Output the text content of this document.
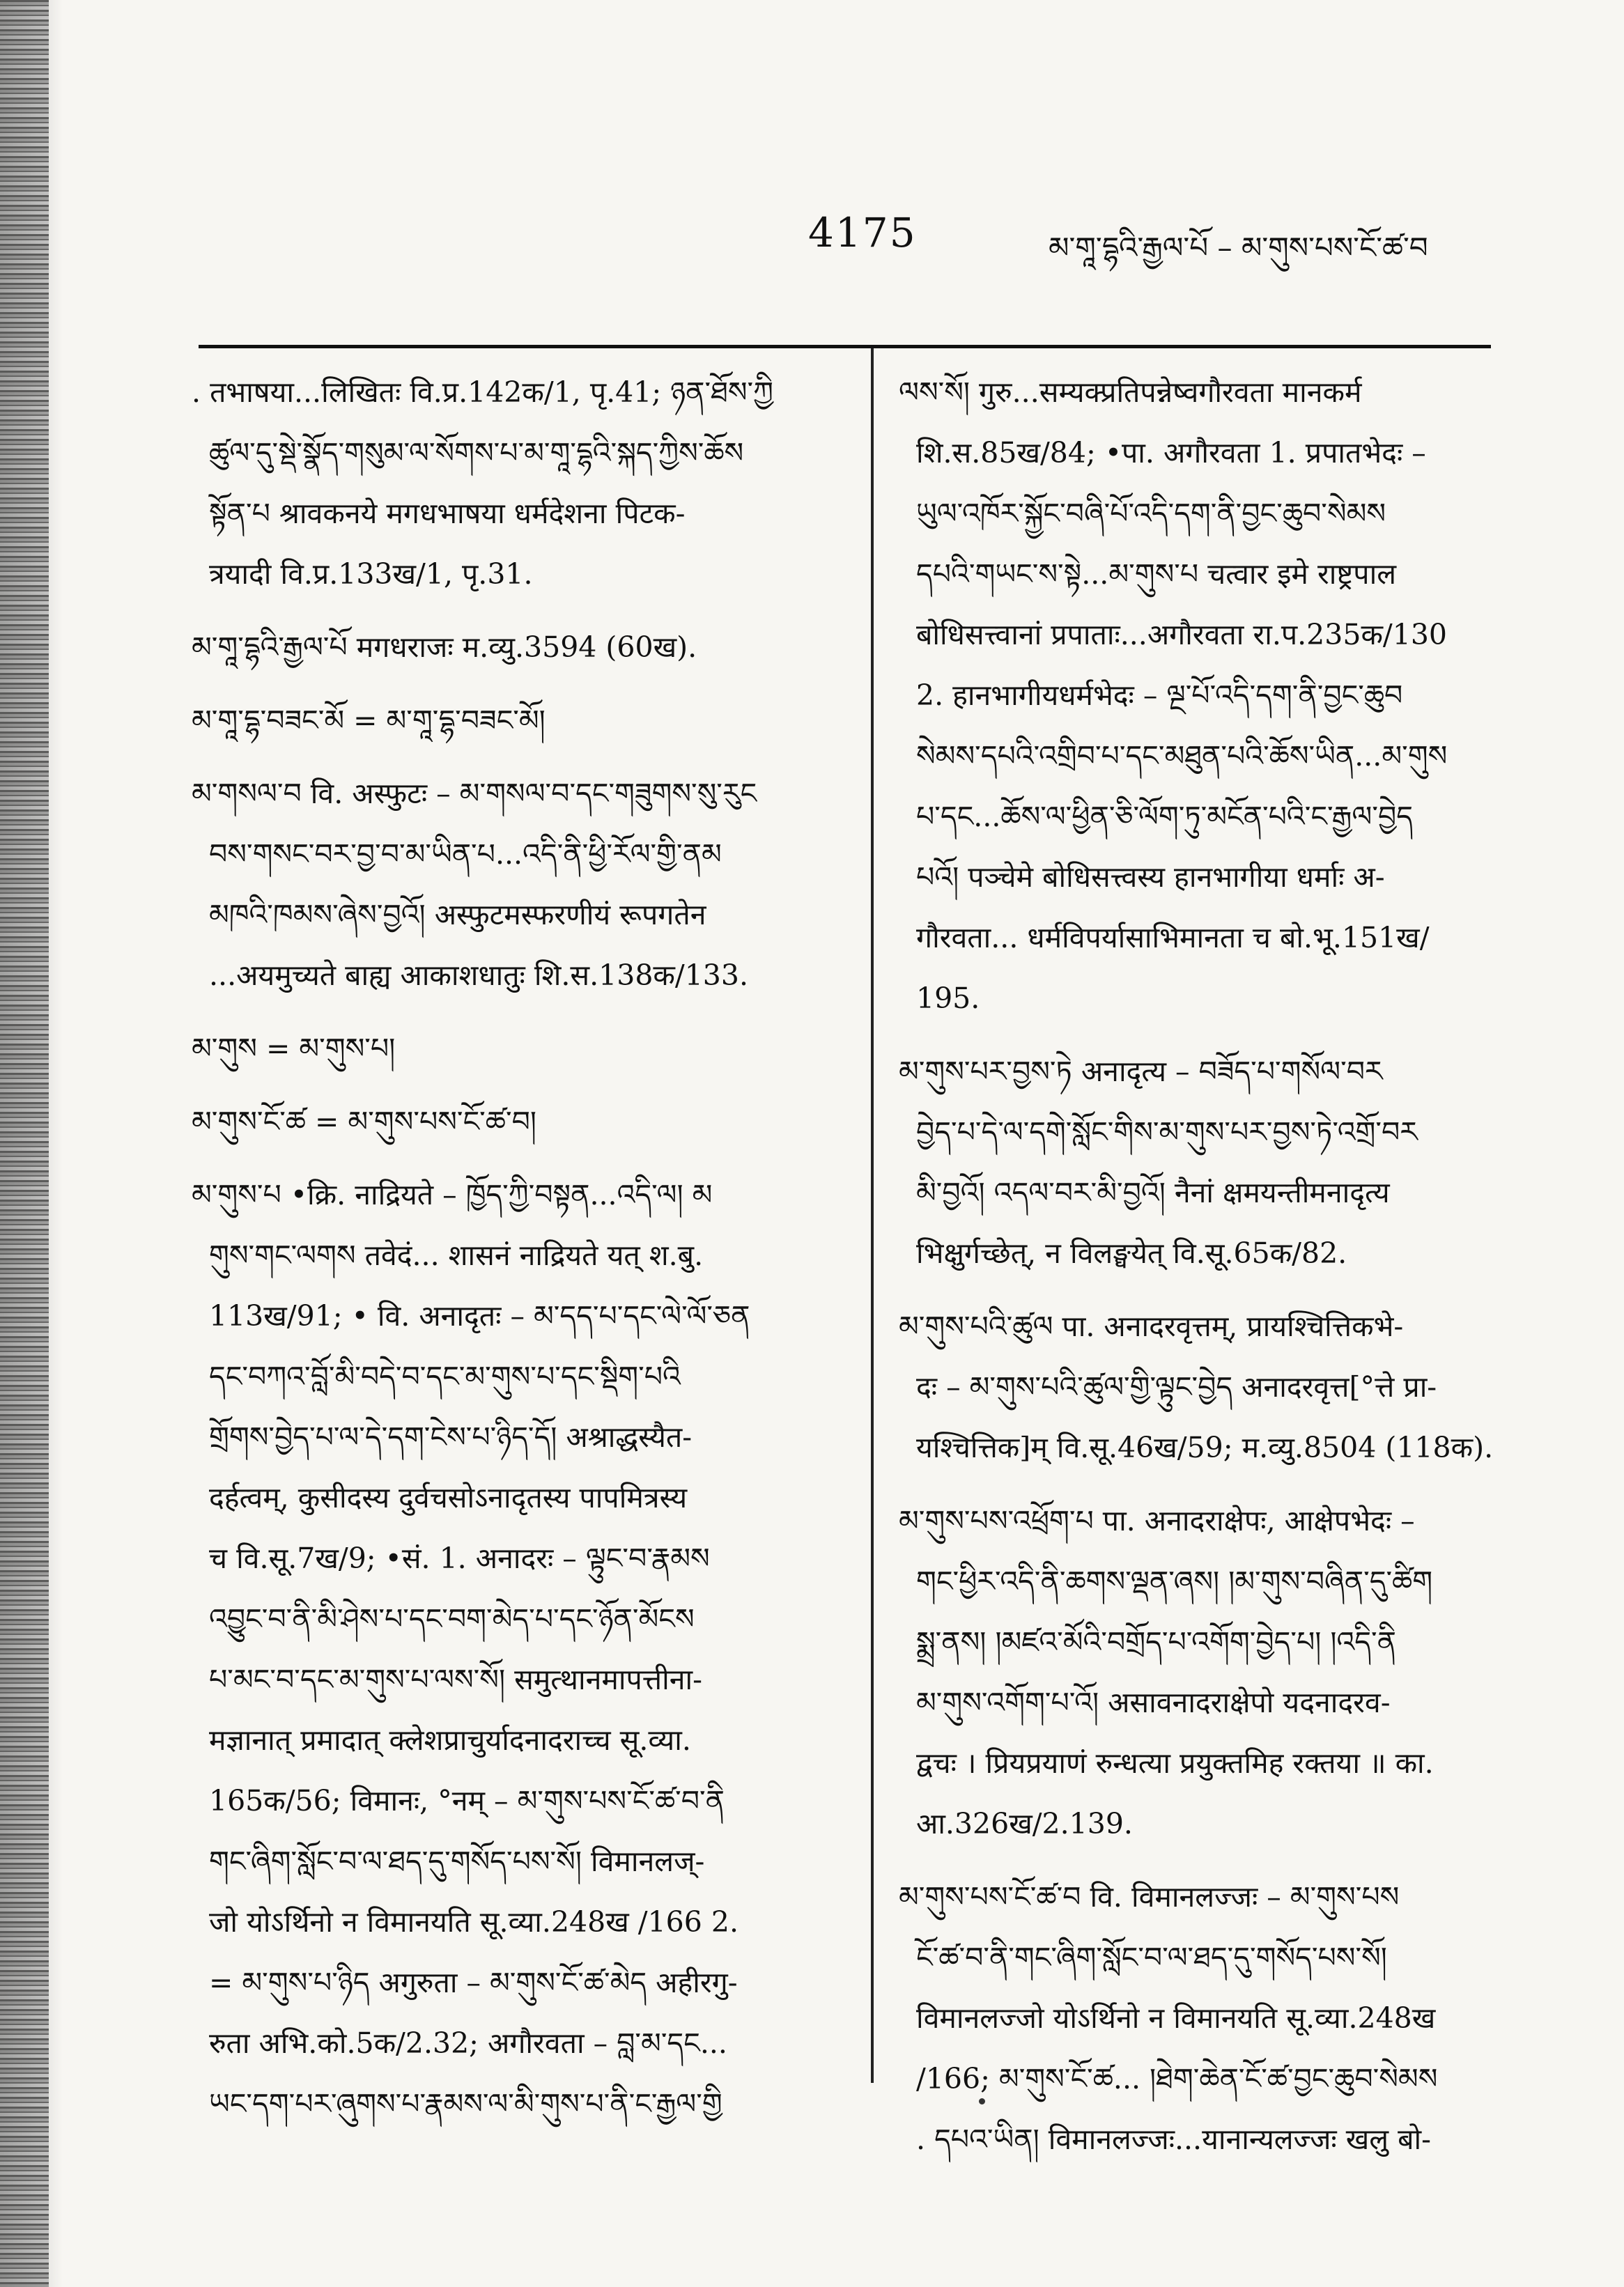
4175	མ་གཱ་དྷའི་རྒྱལ་པོ – མ་གུས་པས་ངོ་ཚ་བ
. तभाषया...लिखितः वि.प्र.142क/1, पृ.41; ཉན་ཐོས་ཀྱི
ཚུལ་དུ་སྡེ་སྣོད་གསུམ་ལ་སོགས་པ་མ་གཱ་དྷའི་སྐད་ཀྱིས་ཆོས
སྟོན་པ श्रावकनये मगधभाषया धर्मदेशना पिटक-
त्रयादी वि.प्र.133ख/1, पृ.31.
མ་གཱ་དྷའི་རྒྱལ་པོ मगधराजः म.व्यु.3594 (60ख).
མ་གཱ་དྷ་བཟང་མོ = མ་གཱ་དྷ་བཟང་མོ།
མ་གསལ་བ वि. अस्फुटः – མ་གསལ་བ་དང་གཟུགས་སུ་རུང
བས་གསང་བར་བྱ་བ་མ་ཡིན་པ...འདི་ནི་ཕྱི་རོལ་གྱི་ནམ
མཁའི་ཁམས་ཞེས་བྱའོ། अस्फुटमस्फरणीयं रूपगतेन
...अयमुच्यते बाह्य आकाशधातुः शि.स.138क/133.
མ་གུས = མ་གུས་པ།
མ་གུས་ངོ་ཚ = མ་གུས་པས་ངོ་ཚ་བ།
མ་གུས་པ •क्रि. नाद्रियते – ཁྱོད་ཀྱི་བསྟན...འདི་ལ། མ
གུས་གང་ལགས तवेदं... शासनं नाद्रियते यत् श.बु.
113ख/91; • वि. अनादृतः – མ་དད་པ་དང་ལེ་ལོ་ཅན
དང་བཀའ་བློ་མི་བདེ་བ་དང་མ་གུས་པ་དང་སྡིག་པའི
གྲོགས་བྱེད་པ་ལ་དེ་དག་ངེས་པ་ཉིད་དོ། अश्राद्धस्यैत-
दर्हत्वम्, कुसीदस्य दुर्वचसोऽनादृतस्य पापमित्रस्य
च वि.सू.7ख/9; •सं. 1. अनादरः – ལྟུང་བ་རྣམས
འབྱུང་བ་ནི་མི་ཤེས་པ་དང་བག་མེད་པ་དང་ཉོན་མོངས
པ་མང་བ་དང་མ་གུས་པ་ལས་སོ། समुत्थानमापत्तीना-
मज्ञानात् प्रमादात् क्लेशप्राचुर्यादनादराच्च सू.व्या.
165क/56; विमानः, °नम् – མ་གུས་པས་ངོ་ཚ་བ་ནི
གང་ཞིག་སློང་བ་ལ་ཐད་དུ་གསོད་པས་སོ། विमानलज्-
जो योऽर्थिनो न विमानयति सू.व्या.248ख /166 2.
= མ་གུས་པ་ཉིད अगुरुता – མ་གུས་ངོ་ཚ་མེད अहीरगु-
रुता अभि.को.5क/2.32; अगौरवता – བླ་མ་དང...
ཡང་དག་པར་ཞུགས་པ་རྣམས་ལ་མི་གུས་པ་ནི་ང་རྒྱལ་གྱི
ལས་སོ། गुरु...सम्यक्प्रतिपन्नेष्वगौरवता मानकर्म
शि.स.85ख/84; •पा. अगौरवता 1. प्रपातभेदः –
ཡུལ་འཁོར་སྐྱོང་བཞི་པོ་འདི་དག་ནི་བྱང་ཆུབ་སེམས
དཔའི་གཡང་ས་སྟེ...མ་གུས་པ चत्वार इमे राष्ट्रपाल
बोधिसत्त्वानां प्रपाताः...अगौरवता रा.प.235क/130
2. हानभागीयधर्मभेदः – ལྔ་པོ་འདི་དག་ནི་བྱང་ཆུབ
སེམས་དཔའི་འགྲིབ་པ་དང་མཐུན་པའི་ཆོས་ཡིན...མ་གུས
པ་དང...ཆོས་ལ་ཕྱིན་ཅི་ལོག་ཏུ་མངོན་པའི་ང་རྒྱལ་བྱེད
པའོ། पञ्चेमे बोधिसत्त्वस्य हानभागीया धर्माः अ-
गौरवता... धर्मविपर्यासाभिमानता च बो.भू.151ख/
195.
མ་གུས་པར་བྱས་ཏེ अनादृत्य – བཟོད་པ་གསོལ་བར
བྱེད་པ་དེ་ལ་དགེ་སློང་གིས་མ་གུས་པར་བྱས་ཏེ་འགྲོ་བར
མི་བྱའོ། འདལ་བར་མི་བྱའོ། नैनां क्षमयन्तीमनादृत्य
भिक्षुर्गच्छेत्, न विलङ्घयेत् वि.सू.65क/82.
མ་གུས་པའི་ཚུལ पा. अनादरवृत्तम्, प्रायश्चित्तिकभे-
दः – མ་གུས་པའི་ཚུལ་གྱི་ལྟུང་བྱེད अनादरवृत्त[°त्ते प्रा-
यश्चित्तिक]म् वि.सू.46ख/59; म.व्यु.8504 (118क).
མ་གུས་པས་འཕྲོག་པ पा. अनादराक्षेपः, आक्षेपभेदः –
གང་ཕྱིར་འདི་ནི་ཆགས་ལྡན་ཞས། །མ་གུས་བཞིན་དུ་ཚིག
སྨྲ་ནས། །མཛའ་མོའི་བགྲོད་པ་འགོག་བྱེད་པ། །འདི་ནི
མ་གུས་འགོག་པ་འོ། असावनादराक्षेपो यदनादरव-
द्वचः । प्रियप्रयाणं रुन्धत्या प्रयुक्तमिह रक्तया ॥ का.
आ.326ख/2.139.
མ་གུས་པས་ངོ་ཚ་བ वि. विमानलज्जः – མ་གུས་པས
ངོ་ཚ་བ་ནི་གང་ཞིག་སློང་བ་ལ་ཐད་དུ་གསོད་པས་སོ།
विमानलज्जो योऽर्थिनो न विमानयति सू.व्या.248ख
/166; མ་གུས་ངོ་ཚ... །ཐེག་ཆེན་ངོ་ཚ་བྱང་ཆུབ་སེམས
. དཔའ་ཡིན། विमानलज्जः...यानान्यलज्जः खलु बो-
